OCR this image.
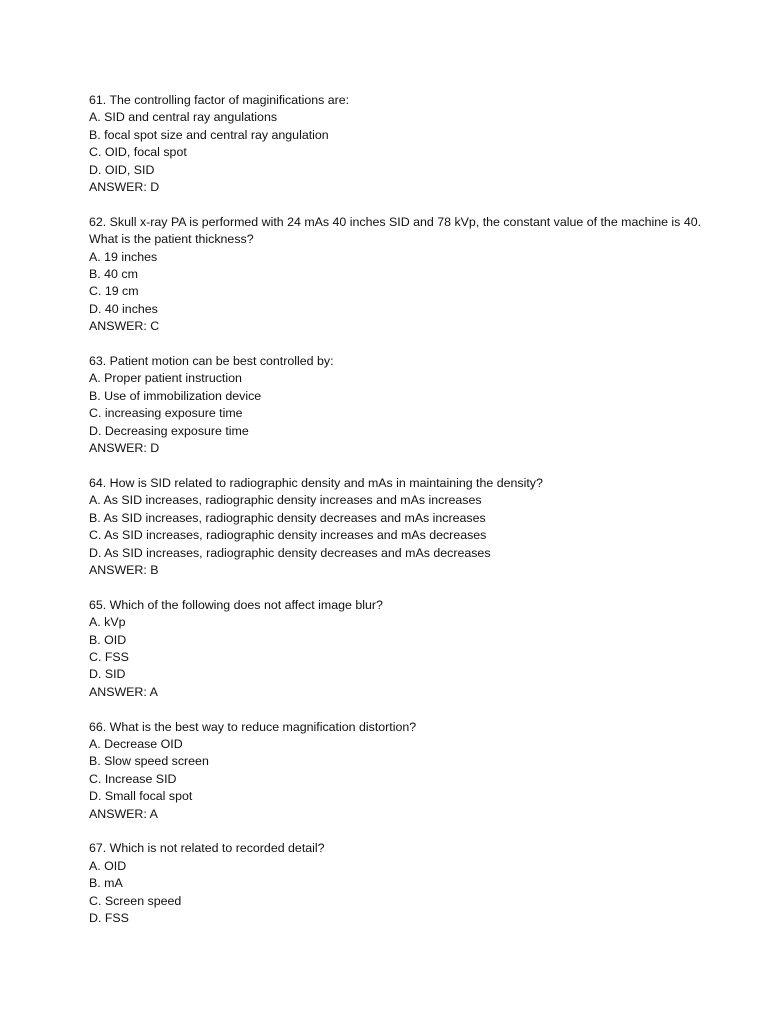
61. The controlling factor of maginifications are:
A. SID and central ray angulations
B. focal spot size and central ray angulation
C. OID, focal spot
D. OID, SID
ANSWER: D
62. Skull x-ray PA is performed with 24 mAs 40 inches SID and 78 kVp, the constant value of the machine is 40. What is the patient thickness?
A. 19 inches
B. 40 cm
C. 19 cm
D. 40 inches
ANSWER: C
63. Patient motion can be best controlled by:
A. Proper patient instruction
B. Use of immobilization device
C. increasing exposure time
D. Decreasing exposure time
ANSWER: D
64. How is SID related to radiographic density and mAs in maintaining the density?
A. As SID increases, radiographic density increases and mAs increases
B. As SID increases, radiographic density decreases and mAs increases
C. As SID increases, radiographic density increases and mAs decreases
D. As SID increases, radiographic density decreases and mAs decreases
ANSWER: B
65. Which of the following does not affect image blur?
A. kVp
B. OID
C. FSS
D. SID
ANSWER: A
66. What is the best way to reduce magnification distortion?
A. Decrease OID
B. Slow speed screen
C. Increase SID
D. Small focal spot
ANSWER: A
67. Which is not related to recorded detail?
A. OID
B. mA
C. Screen speed
D. FSS
